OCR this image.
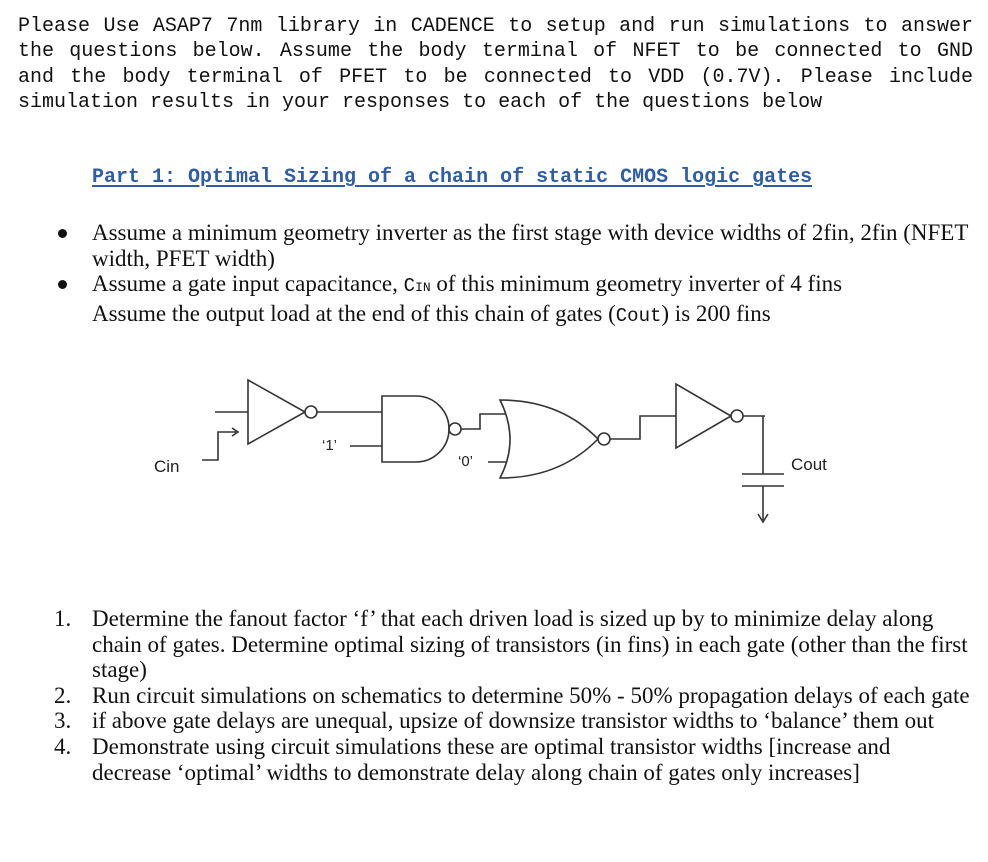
Please Use ASAP7 7nm library in CADENCE to setup and run simulations to answer the questions below. Assume the body terminal of NFET to be connected to GND and the body terminal of PFET to be connected to VDD (0.7V). Please include simulation results in your responses to each of the questions below

Part 1: Optimal Sizing of a chain of static CMOS logic gates
Assume a minimum geometry inverter as the first stage with device widths of 2fin, 2fin (NFET width, PFET width)
Assume a gate input capacitance, CIN of this minimum geometry inverter of 4 fins
Assume the output load at the end of this chain of gates (Cout) is 200 fins
Cin
‘1’
‘0’	Cout
1. Determine the fanout factor ‘f’ that each driven load is sized up by to minimize delay along chain of gates. Determine optimal sizing of transistors (in fins) in each gate (other than the first stage)
2. Run circuit simulations on schematics to determine 50% - 50% propagation delays of each gate
3. if above gate delays are unequal, upsize of downsize transistor widths to ‘balance’ them out
4. Demonstrate using circuit simulations these are optimal transistor widths [increase and decrease ‘optimal’ widths to demonstrate delay along chain of gates only increases]
